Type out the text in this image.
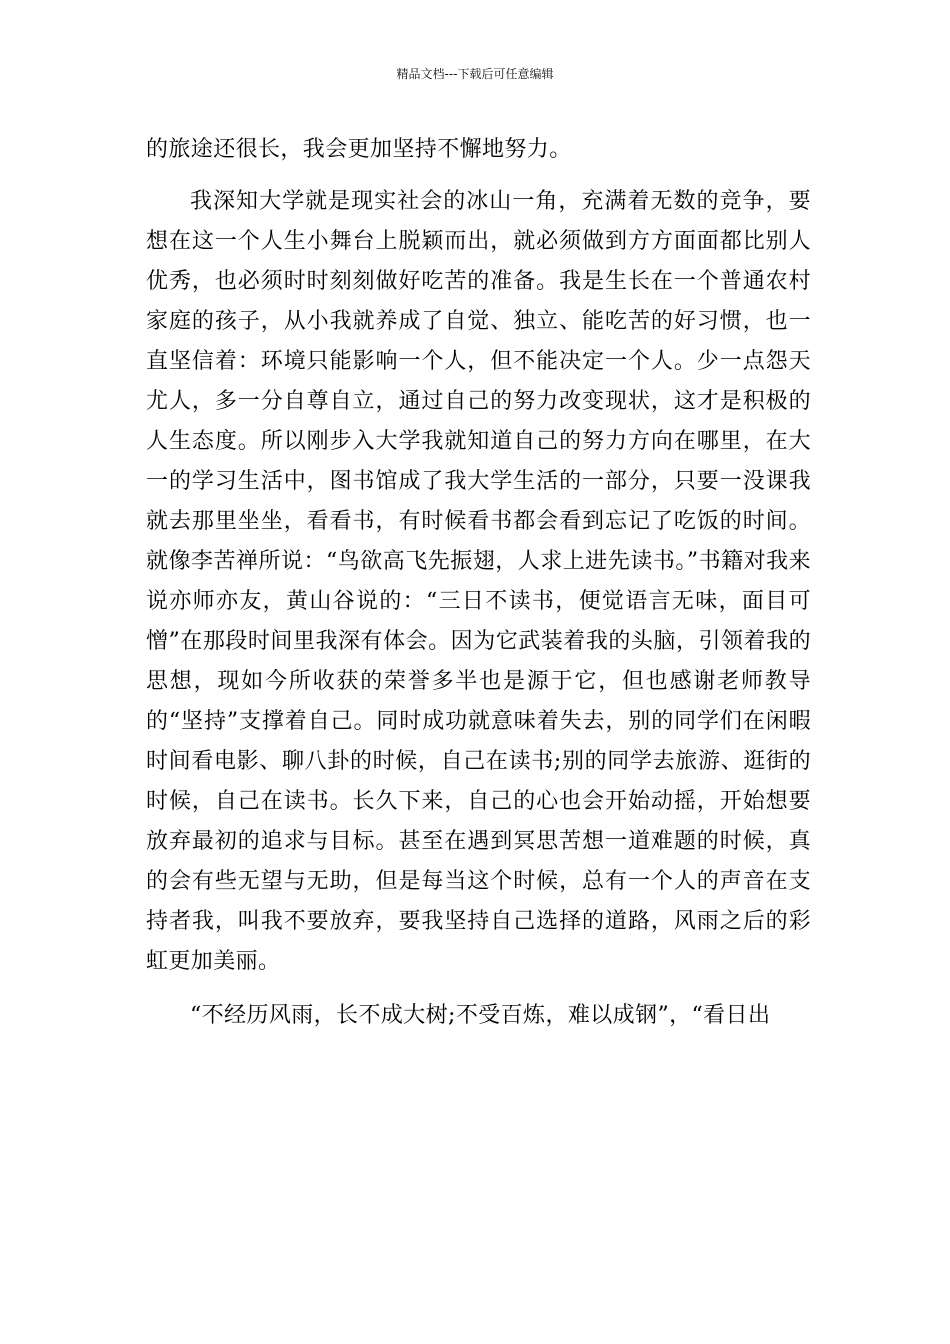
精品文档---下载后可任意编辑

的旅途还很长，我会更加坚持不懈地努力。

我深知大学就是现实社会的冰山一角，充满着无数的竞争，要想在这一个人生小舞台上脱颖而出，就必须做到方方面面都比别人优秀，也必须时时刻刻做好吃苦的准备。我是生长在一个普通农村家庭的孩子，从小我就养成了自觉、独立、能吃苦的好习惯，也一直坚信着：环境只能影响一个人，但不能决定一个人。少一点怨天尤人，多一分自尊自立，通过自己的努力改变现状，这才是积极的人生态度。所以刚步入大学我就知道自己的努力方向在哪里，在大一的学习生活中，图书馆成了我大学生活的一部分，只要一没课我就去那里坐坐，看看书，有时候看书都会看到忘记了吃饭的时间。就像李苦禅所说：“鸟欲高飞先振翅，人求上进先读书。”书籍对我来说亦师亦友，黄山谷说的：“三日不读书，便觉语言无味，面目可憎”在那段时间里我深有体会。因为它武装着我的头脑，引领着我的思想，现如今所收获的荣誉多半也是源于它，但也感谢老师教导的“坚持”支撑着自己。同时成功就意味着失去，别的同学们在闲暇时间看电影、聊八卦的时候，自己在读书;别的同学去旅游、逛街的时候，自己在读书。长久下来，自己的心也会开始动摇，开始想要放弃最初的追求与目标。甚至在遇到冥思苦想一道难题的时候，真的会有些无望与无助，但是每当这个时候，总有一个人的声音在支持者我，叫我不要放弃，要我坚持自己选择的道路，风雨之后的彩虹更加美丽。

“不经历风雨，长不成大树;不受百炼，难以成钢”，“看日出
